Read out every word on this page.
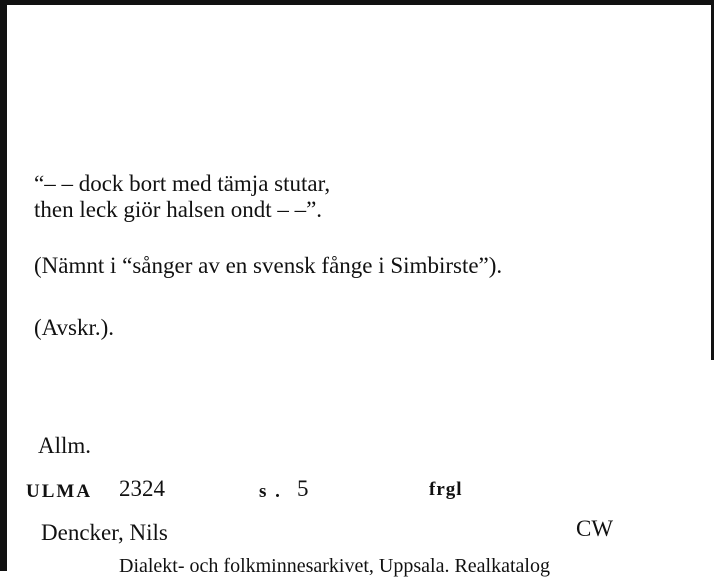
“– – dock bort med tämja stutar,
then leck giör halsen ondt – –”.
(Nämnt i “sånger av en svensk fånge i Simbirste”).
(Avskr.).
Allm.
ULMA 2324	s . 5	frgl
Dencker, Nils	CW
Dialekt- och folkminnesarkivet, Uppsala. Realkatalog
